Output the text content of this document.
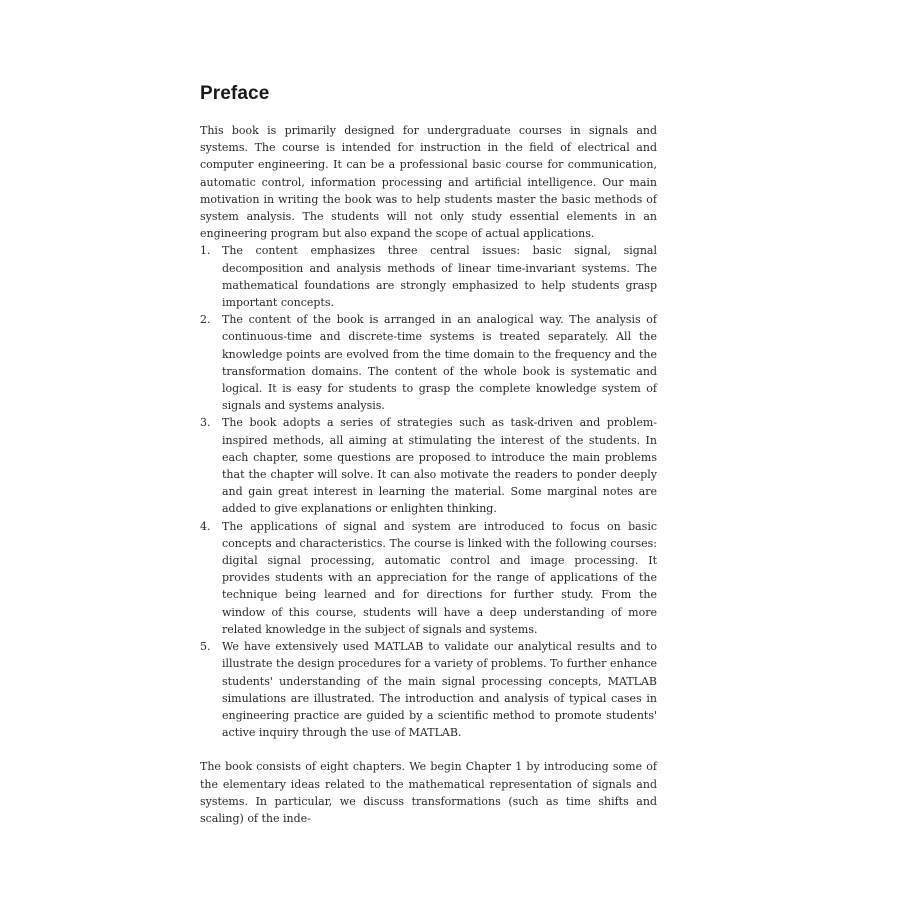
Preface

This book is primarily designed for undergraduate courses in signals and systems. The course is intended for instruction in the field of electrical and computer engineering. It can be a professional basic course for communication, automatic control, information processing and artificial intelligence. Our main motivation in writing the book was to help students master the basic methods of system analysis. The students will not only study essential elements in an engineering program but also expand the scope of actual applications.

1. The content emphasizes three central issues: basic signal, signal decomposition and analysis methods of linear time-invariant systems. The mathematical foundations are strongly emphasized to help students grasp important concepts.
2. The content of the book is arranged in an analogical way. The analysis of continuous-time and discrete-time systems is treated separately. All the knowledge points are evolved from the time domain to the frequency and the transformation domains. The content of the whole book is systematic and logical. It is easy for students to grasp the complete knowledge system of signals and systems analysis.
3. The book adopts a series of strategies such as task-driven and problem-inspired methods, all aiming at stimulating the interest of the students. In each chapter, some questions are proposed to introduce the main problems that the chapter will solve. It can also motivate the readers to ponder deeply and gain great interest in learning the material. Some marginal notes are added to give explanations or enlighten thinking.
4. The applications of signal and system are introduced to focus on basic concepts and characteristics. The course is linked with the following courses: digital signal processing, automatic control and image processing. It provides students with an appreciation for the range of applications of the technique being learned and for directions for further study. From the window of this course, students will have a deep understanding of more related knowledge in the subject of signals and systems.
5. We have extensively used MATLAB to validate our analytical results and to illustrate the design procedures for a variety of problems. To further enhance students' understanding of the main signal processing concepts, MATLAB simulations are illustrated. The introduction and analysis of typical cases in engineering practice are guided by a scientific method to promote students' active inquiry through the use of MATLAB.

The book consists of eight chapters. We begin Chapter 1 by introducing some of the elementary ideas related to the mathematical representation of signals and systems. In particular, we discuss transformations (such as time shifts and scaling) of the inde-
